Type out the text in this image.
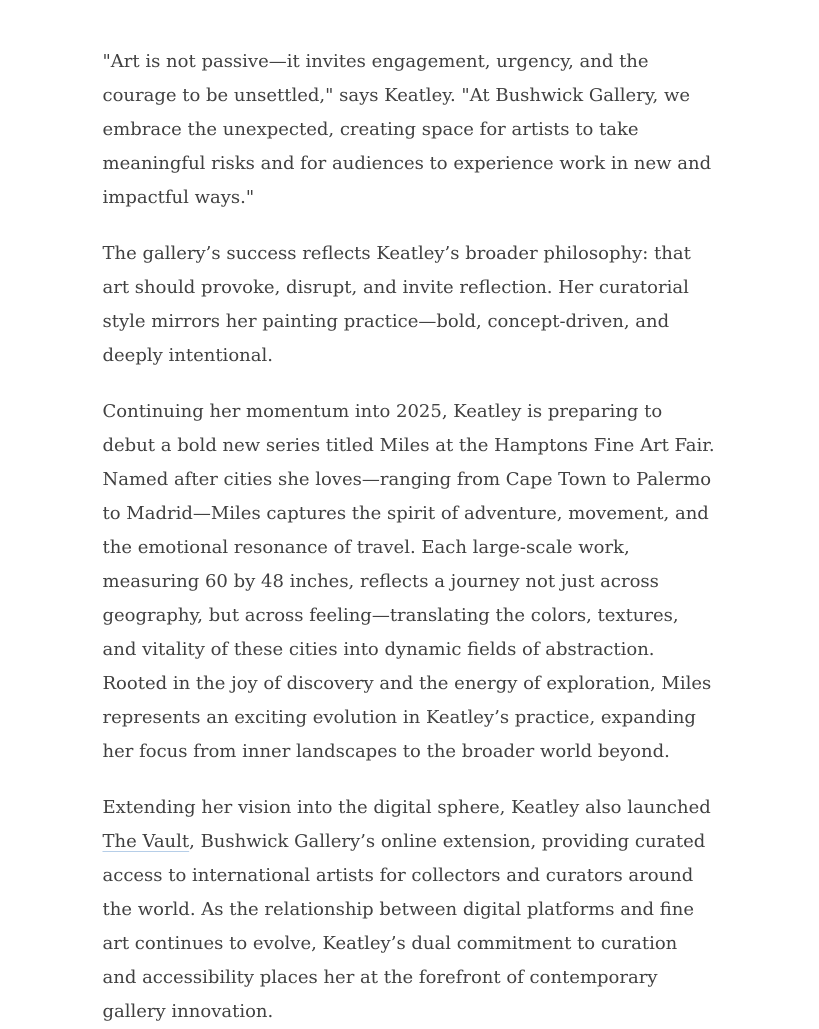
"Art is not passive—it invites engagement, urgency, and the courage to be unsettled," says Keatley. "At Bushwick Gallery, we embrace the unexpected, creating space for artists to take meaningful risks and for audiences to experience work in new and impactful ways."

The gallery’s success reflects Keatley’s broader philosophy: that art should provoke, disrupt, and invite reflection. Her curatorial style mirrors her painting practice—bold, concept-driven, and deeply intentional.

Continuing her momentum into 2025, Keatley is preparing to debut a bold new series titled Miles at the Hamptons Fine Art Fair. Named after cities she loves—ranging from Cape Town to Palermo to Madrid—Miles captures the spirit of adventure, movement, and the emotional resonance of travel. Each large-scale work, measuring 60 by 48 inches, reflects a journey not just across geography, but across feeling—translating the colors, textures, and vitality of these cities into dynamic fields of abstraction. Rooted in the joy of discovery and the energy of exploration, Miles represents an exciting evolution in Keatley’s practice, expanding her focus from inner landscapes to the broader world beyond.

Extending her vision into the digital sphere, Keatley also launched The Vault, Bushwick Gallery’s online extension, providing curated access to international artists for collectors and curators around the world. As the relationship between digital platforms and fine art continues to evolve, Keatley’s dual commitment to curation and accessibility places her at the forefront of contemporary gallery innovation.
